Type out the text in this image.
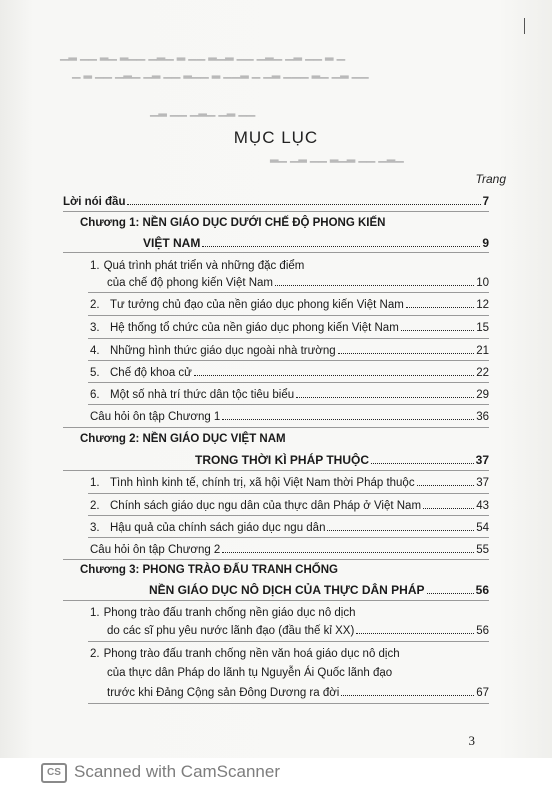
▁ ▂ ▁▁ ▂▁ ▁▂▁ ▁▁ ▂▁▂ ▁▁ ▂ ▁▂▁ ▁▁▂ ▁▂ ▁▁ ▂▁
▁▁ ▂▁ ▁▂ ▁▁▁ ▂▁ ▁ ▂▁▁ ▂ ▁▁▂ ▁▁ ▂▁ ▁▂▁ ▁▁ ▂ ▁
▁▁ ▂▁ ▁▂▁ ▁▁ ▂▁
▁▂▁ ▁▁ ▂▁▂ ▁▁ ▂▁ ▁▂
MỤC LỤC
Trang
Lời nói đầu	7
Chương 1: NỀN GIÁO DỤC DƯỚI CHẾ ĐỘ PHONG KIẾN
VIỆT NAM	9
1. Quá trình phát triển và những đặc điểm
của chế độ phong kiến Việt Nam	10
2. Tư tưởng chủ đạo của nền giáo dục phong kiến Việt Nam	12
3. Hệ thống tổ chức của nền giáo dục phong kiến Việt Nam	15
4. Những hình thức giáo dục ngoài nhà trường	21
5. Chế độ khoa cử	22
6. Một số nhà trí thức dân tộc tiêu biểu	29
Câu hỏi ôn tập Chương 1	36
Chương 2: NỀN GIÁO DỤC VIỆT NAM
TRONG THỜI KÌ PHÁP THUỘC	37
1. Tình hình kinh tế, chính trị, xã hội Việt Nam thời Pháp thuộc	37
2. Chính sách giáo dục ngu dân của thực dân Pháp ở Việt Nam	43
3. Hậu quả của chính sách giáo dục ngu dân	54
Câu hỏi ôn tập Chương 2	55
Chương 3: PHONG TRÀO ĐẤU TRANH CHỐNG
NỀN GIÁO DỤC NÔ DỊCH CỦA THỰC DÂN PHÁP	56
1. Phong trào đấu tranh chống nền giáo dục nô dịch
do các sĩ phu yêu nước lãnh đạo (đầu thế kỉ XX)	56
2. Phong trào đấu tranh chống nền văn hoá giáo dục nô dịch
của thực dân Pháp do lãnh tụ Nguyễn Ái Quốc lãnh đạo
trước khi Đảng Cộng sản Đông Dương ra đời	67
3
CS Scanned with CamScanner
